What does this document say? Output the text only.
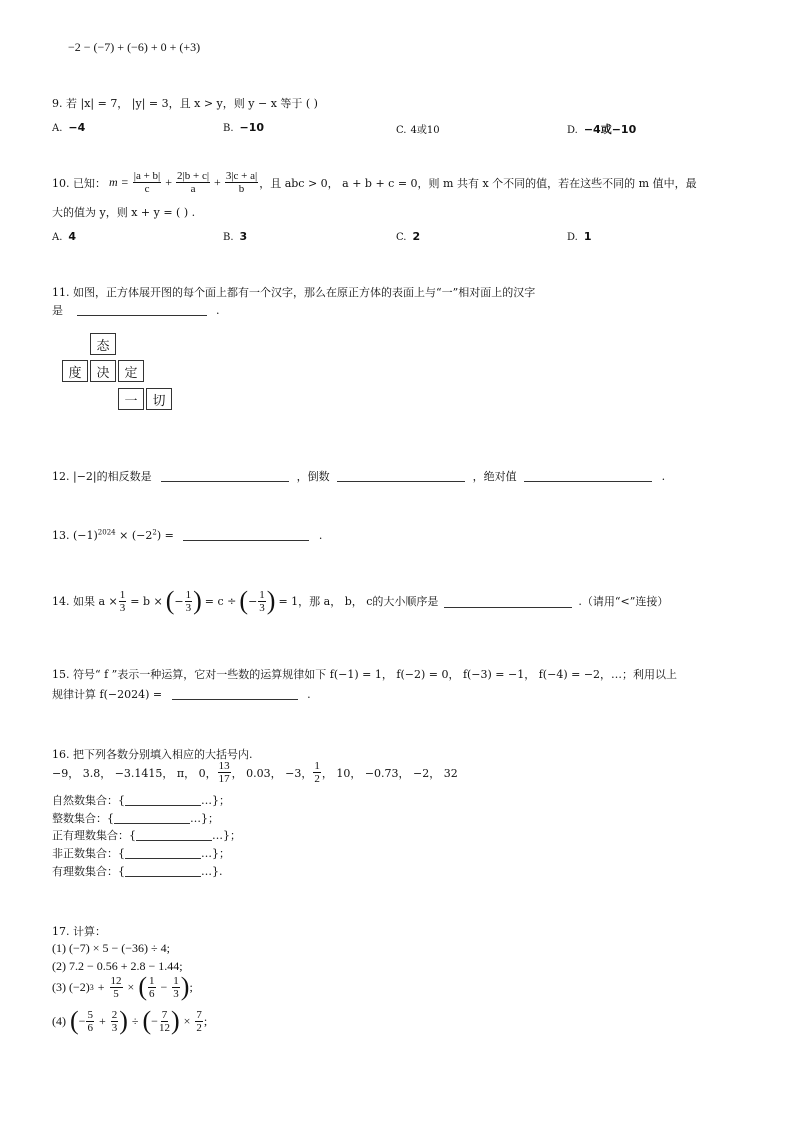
−2 − (−7) + (−6) + 0 + (+3)
9. 若 |x| = 7， |y| = 3，且 x > y，则 y − x 等于 ( )
A. −4	B. −10	C. 4或10	D. −4或−10
10. 已知： $m = \frac{|a + b|}{c} + \frac{2|b + c|}{a} + \frac{3|c + a|}{b}$ ，且 abc > 0， a + b + c = 0，则 m 共有 x 个不同的值，若在这些不同的 m 值中，最
大的值为 y，则 x + y = ( ) .
A. 4	B. 3	C. 2	D. 1
11. 如图，正方体展开图的每个面上都有一个汉字，那么在原正方体的表面上与“一”相对面上的汉字
是	.
态
度	决	定
一	切
12. |−2|的相反数是	，倒数	，绝对值	.
13. $(-1)^{2024} \times (-2^2)$ =	.
14. 如果 $a \times \frac{1}{3} = b$ × ( − $\frac{1}{3}$ ) = c ÷ ( − $\frac{1}{3}$ ) = 1，那 a， b， c的大小顺序是	.（请用“<”连接）
15. 符号“ f ”表示一种运算，它对一些数的运算规律如下 f(−1) = 1， f(−2) = 0， f(−3) = −1， f(−4) = −2，…；利用以上
规律计算 f(−2024) =	.
16. 把下列各数分别填入相应的大括号内.
−9， 3.8， −3.1415， π， 0， $\frac{13}{17}$ ， 0.03， −3， $\frac{1}{2}$ ， 10， −0.73， −2， 32
自然数集合：{	…}；
整数集合：{	…}；
正有理数集合：{	…}；
非正数集合：{	…}；
有理数集合：{	…}.
17. 计算：
(1) (−7) × 5 − (−36) ÷ 4;
(2) 7.2 − 0.56 + 2.8 − 1.44;
(3) (−2) $3 + \frac{12}{5}$ × ( $\frac{1}{6} - \frac{1}{3}$ ) ;
(4) ( − $\frac{5}{6} + \frac{2}{3}$ ) ÷ ( − $\frac{7}{12}$ ) × $\frac{7}{2}$ ;
